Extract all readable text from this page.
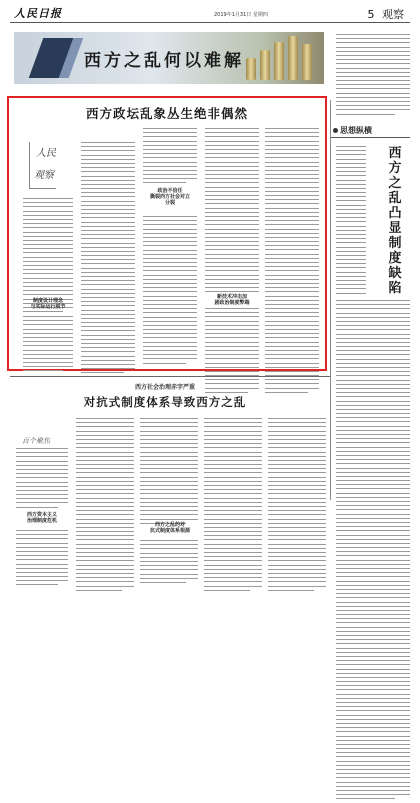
人民日报	2019年1月31日 星期四	5 观察
西方之乱何以难解
思想纵横
西方之乱凸显制度缺陷
西方政坛乱象丛生绝非偶然
人民
观察
制度设计理念
与实际运行脱节
政治不信任
撕裂西方社会对立
分裂
新技术冲击加
剧政治制度弊端
西方社会治理赤字严重
对抗式制度体系导致西方之乱
百个聚焦
西方资本主义
治理制度危机
西方之乱的对
抗式制度体系根源
